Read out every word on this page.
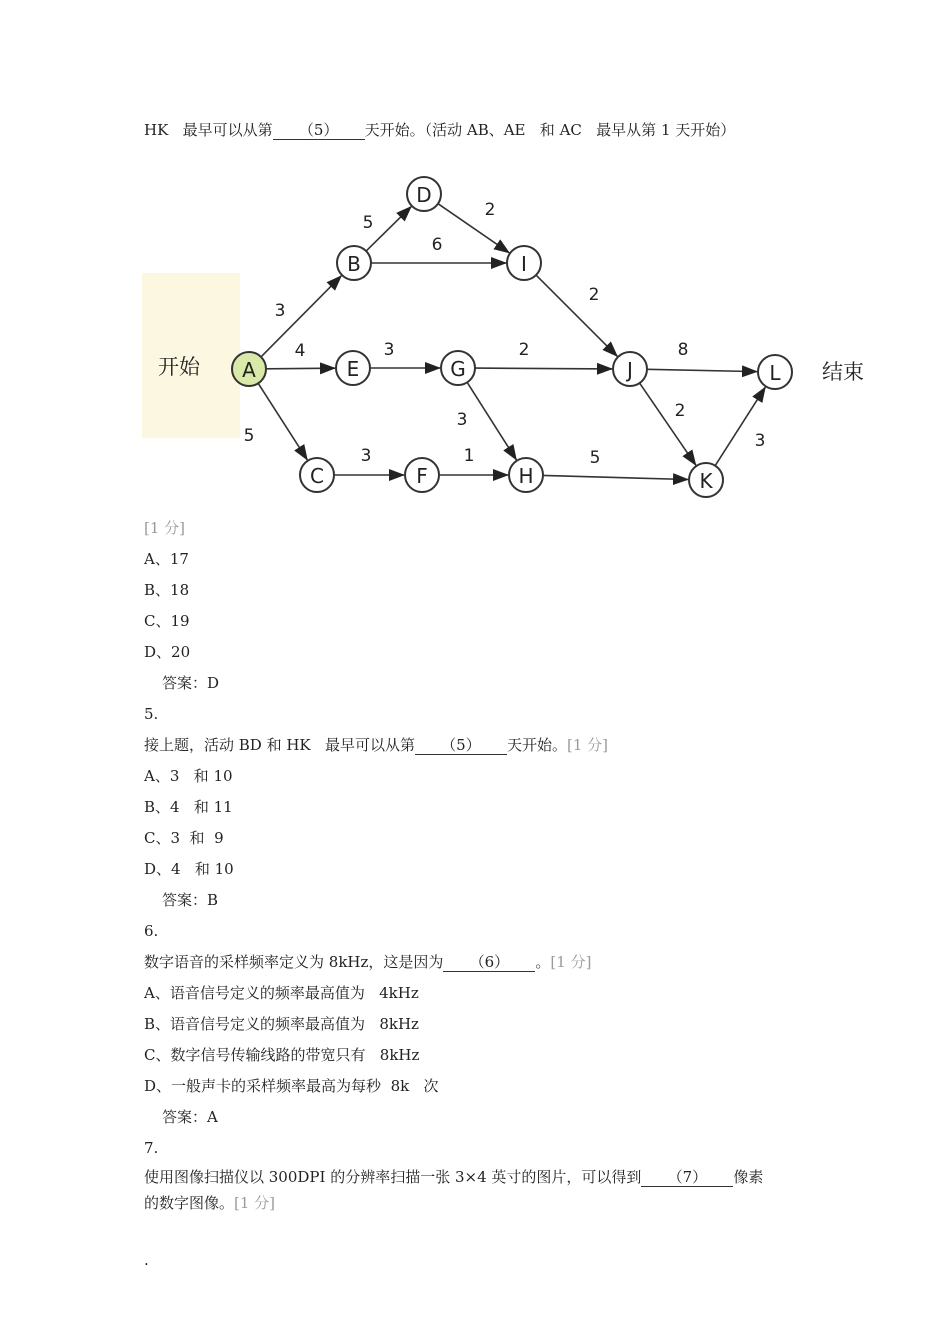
HK   最早可以从第 （5） 天开始。（活动 AB、AE   和 AC   最早从第 1 天开始）
开始	结束
3
4
5
5
6
2
3	2
3
3	1	5
2
8
2
3
A
B
C
D
E
F
G
H
I
J
K
L
[1 分]
A、17
B、18
C、19
D、20
答案：D
5.
接上题，活动 BD 和 HK   最早可以从第 （5） 天开始。[1 分]
A、3   和 10
B、4   和 11
C、3  和  9
D、4   和 10
答案：B
6.
数字语音的采样频率定义为 8kHz，这是因为 （6） 。[1 分]
A、语音信号定义的频率最高值为   4kHz
B、语音信号定义的频率最高值为   8kHz
C、数字信号传输线路的带宽只有   8kHz
D、一般声卡的采样频率最高为每秒  8k   次
答案：A
7.
使用图像扫描仪以 300DPI 的分辨率扫描一张 3×4 英寸的图片，可以得到 （7） 像素
的数字图像。[1 分]
.
